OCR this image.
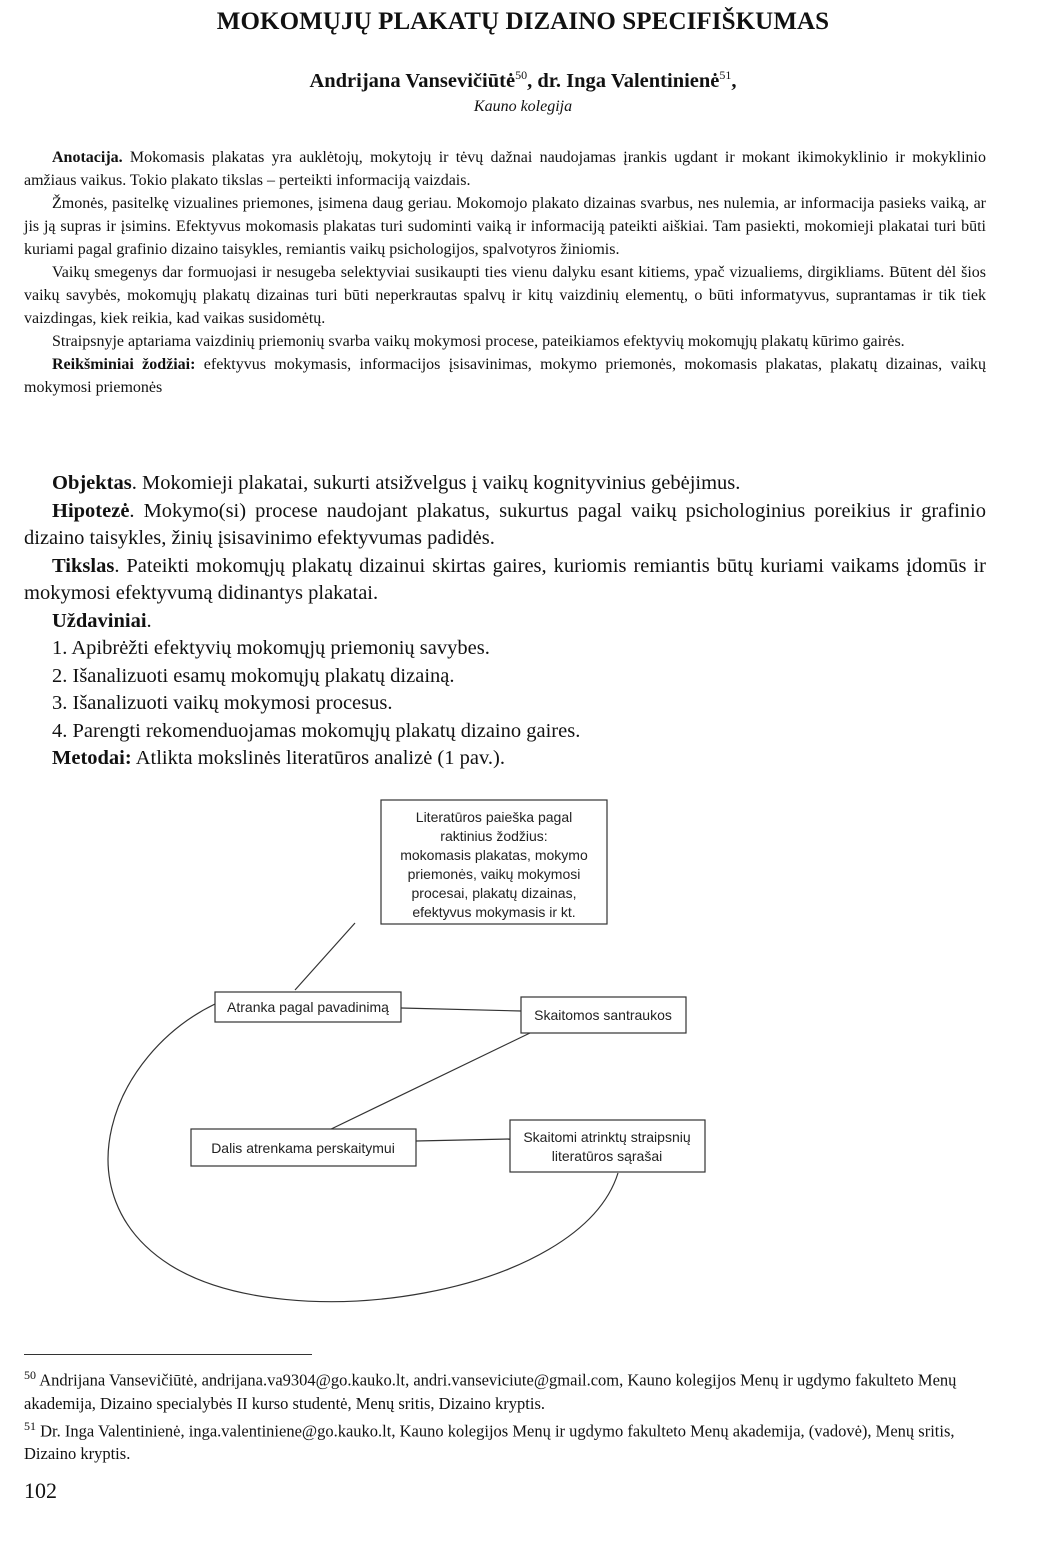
MOKOMŲJŲ PLAKATŲ DIZAINO SPECIFIŠKUMAS
Andrijana Vansevičiūtė$^{50}$, dr. Inga Valentinienė$^{51}$,
Kauno kolegija

Anotacija. Mokomasis plakatas yra auklėtojų, mokytojų ir tėvų dažnai naudojamas įrankis ugdant ir mokant ikimokyklinio ir mokyklinio amžiaus vaikus. Tokio plakato tikslas – perteikti informaciją vaizdais.

Žmonės, pasitelkę vizualines priemones, įsimena daug geriau. Mokomojo plakato dizainas svarbus, nes nulemia, ar informacija pasieks vaiką, ar jis ją supras ir įsimins. Efektyvus mokomasis plakatas turi sudominti vaiką ir informaciją pateikti aiškiai. Tam pasiekti, mokomieji plakatai turi būti kuriami pagal grafinio dizaino taisykles, remiantis vaikų psichologijos, spalvotyros žiniomis.

Vaikų smegenys dar formuojasi ir nesugeba selektyviai susikaupti ties vienu dalyku esant kitiems, ypač vizualiems, dirgikliams. Būtent dėl šios vaikų savybės, mokomųjų plakatų dizainas turi būti neperkrautas spalvų ir kitų vaizdinių elementų, o būti informatyvus, suprantamas ir tik tiek vaizdingas, kiek reikia, kad vaikas susidomėtų.

Straipsnyje aptariama vaizdinių priemonių svarba vaikų mokymosi procese, pateikiamos efektyvių mokomųjų plakatų kūrimo gairės.

Reikšminiai žodžiai: efektyvus mokymasis, informacijos įsisavinimas, mokymo priemonės, mokomasis plakatas, plakatų dizainas, vaikų mokymosi priemonės

Objektas. Mokomieji plakatai, sukurti atsižvelgus į vaikų kognityvinius gebėjimus.

Hipotezė. Mokymo(si) procese naudojant plakatus, sukurtus pagal vaikų psichologinius poreikius ir grafinio dizaino taisykles, žinių įsisavinimo efektyvumas padidės.

Tikslas. Pateikti mokomųjų plakatų dizainui skirtas gaires, kuriomis remiantis būtų kuriami vaikams įdomūs ir mokymosi efektyvumą didinantys plakatai.

Uždaviniai.

1. Apibrėžti efektyvių mokomųjų priemonių savybes.

2. Išanalizuoti esamų mokomųjų plakatų dizainą.

3. Išanalizuoti vaikų mokymosi procesus.

4. Parengti rekomenduojamas mokomųjų plakatų dizaino gaires.

Metodai: Atlikta mokslinės literatūros analizė (1 pav.).

Literatūros paieška pagal
raktinius žodžius:
mokomasis plakatas, mokymo
priemonės, vaikų mokymosi
procesai, plakatų dizainas,
efektyvus mokymasis ir kt.
Atranka pagal pavadinimą	Skaitomos santraukos
Dalis atrenkama perskaitymui
Skaitomi atrinktų straipsnių
literatūros sąrašai

$^{50}$ Andrijana Vansevičiūtė, andrijana.va9304@go.kauko.lt, andri.vanseviciute@gmail.com, Kauno kolegijos Menų ir ugdymo fakulteto Menų akademija, Dizaino specialybės II kurso studentė, Menų sritis, Dizaino kryptis.

$^{51}$ Dr. Inga Valentinienė, inga.valentiniene@go.kauko.lt, Kauno kolegijos Menų ir ugdymo fakulteto Menų akademija, (vadovė), Menų sritis, Dizaino kryptis.

102
